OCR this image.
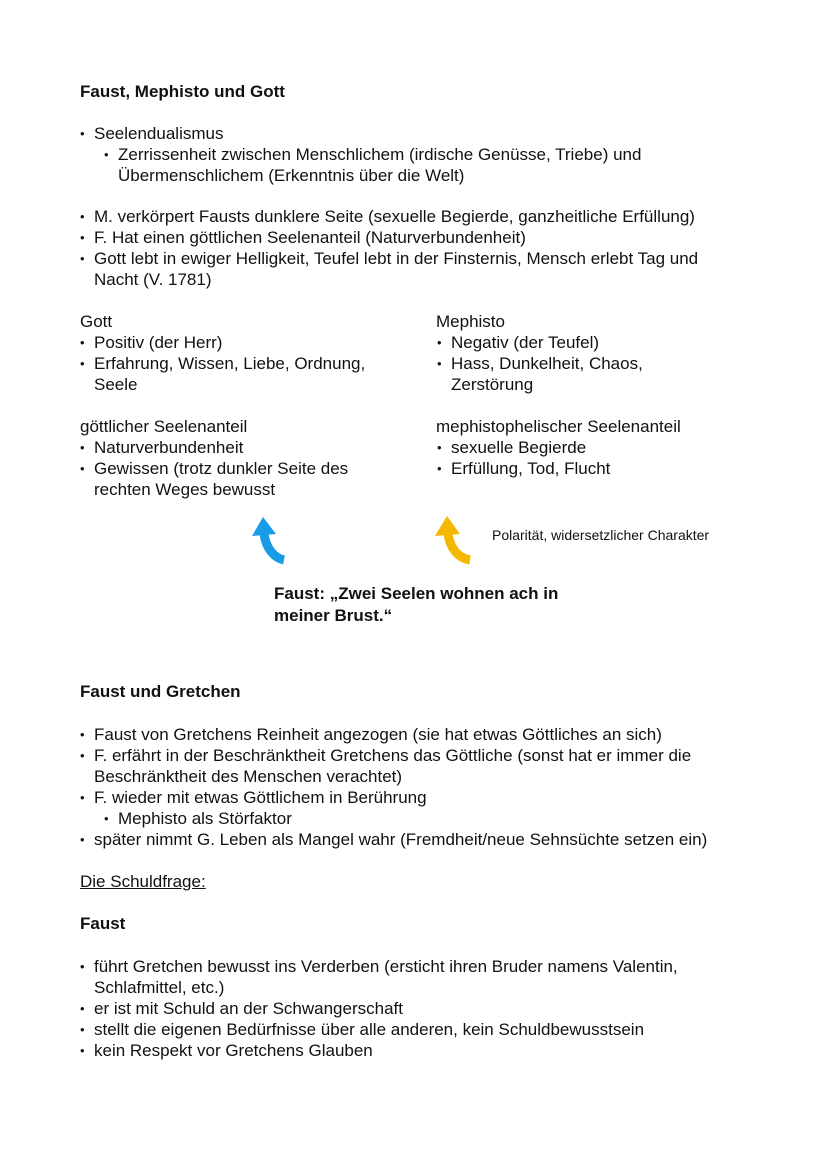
Faust, Mephisto und Gott
• Seelendualismus
• Zerrissenheit zwischen Menschlichem (irdische Genüsse, Triebe) und
Übermenschlichem (Erkenntnis über die Welt)
• M. verkörpert Fausts dunklere Seite (sexuelle Begierde, ganzheitliche Erfüllung)
• F. Hat einen göttlichen Seelenanteil (Naturverbundenheit)
• Gott lebt in ewiger Helligkeit, Teufel lebt in der Finsternis, Mensch erlebt Tag und
Nacht (V. 1781)
Gott
• Positiv (der Herr)
• Erfahrung, Wissen, Liebe, Ordnung,
Seele
göttlicher Seelenanteil
• Naturverbundenheit
• Gewissen (trotz dunkler Seite des
rechten Weges bewusst
Mephisto
• Negativ (der Teufel)
• Hass, Dunkelheit, Chaos,
Zerstörung
mephistophelischer Seelenanteil
• sexuelle Begierde
• Erfüllung, Tod, Flucht
Polarität, widersetzlicher Charakter
Faust: „Zwei Seelen wohnen ach in
meiner Brust.“
Faust und Gretchen
• Faust von Gretchens Reinheit angezogen (sie hat etwas Göttliches an sich)
• F. erfährt in der Beschränktheit Gretchens das Göttliche (sonst hat er immer die
Beschränktheit des Menschen verachtet)
• F. wieder mit etwas Göttlichem in Berührung
• Mephisto als Störfaktor
• später nimmt G. Leben als Mangel wahr (Fremdheit/neue Sehnsüchte setzen ein)
Die Schuldfrage:
Faust
• führt Gretchen bewusst ins Verderben (ersticht ihren Bruder namens Valentin,
Schlafmittel, etc.)
• er ist mit Schuld an der Schwangerschaft
• stellt die eigenen Bedürfnisse über alle anderen, kein Schuldbewusstsein
• kein Respekt vor Gretchens Glauben
